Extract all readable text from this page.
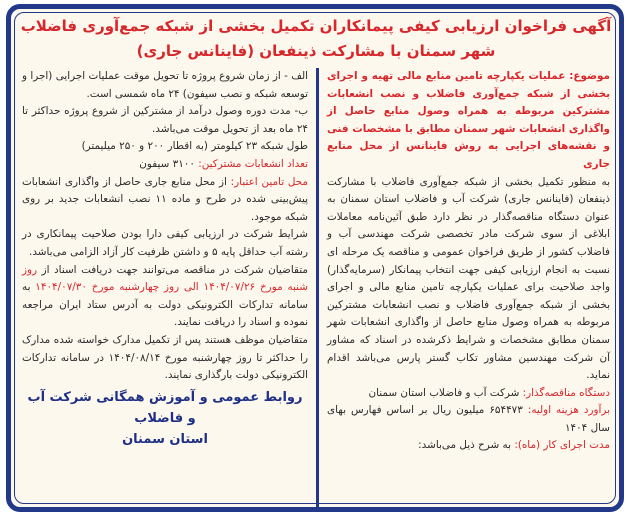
آگهی فراخوان ارزیابی کیفی پیمانکاران تکمیل بخشی از شبکه جمع‌آوری فاضلاب
شهر سمنان با مشارکت ذینفعان (فاینانس جاری)

موضوع: عملیات یکپارچه تامین منابع مالی تهیه و اجرای بخشی از شبکه جمع‌آوری فاضلاب و نصب انشعابات مشترکین مربوطه به همراه وصول منابع حاصل از واگذاری انشعابات شهر سمنان مطابق با مشخصات فنی و نقشه‌های اجرایی به روش فاینانس از محل منابع جاری

به منظور تکمیل بخشی از شبکه جمع‌آوری فاضلاب با مشارکت ذینفعان (فاینانس جاری) شرکت آب و فاضلاب استان سمنان به عنوان دستگاه مناقصه‌گذار در نظر دارد طبق آئین‌نامه معاملات ابلاغی از سوی شرکت مادر تخصصی شرکت مهندسی آب و فاضلاب کشور از طریق فراخوان عمومی و مناقصه یک مرحله ای نسبت به انجام ارزیابی کیفی جهت انتخاب پیمانکار (سرمایه‌گذار) واجد صلاحیت برای عملیات یکپارچه تامین منابع مالی و اجرای بخشی از شبکه جمع‌آوری فاضلاب و نصب انشعابات مشترکین مربوطه به همراه وصول منابع حاصل از واگذاری انشعابات شهر سمنان مطابق مشخصات و شرایط ذکرشده در اسناد که مشاور آن شرکت مهندسین مشاور تکاب گستر پارس می‌باشد اقدام نماید.

دستگاه مناقصه‌گذار: شرکت آب و فاضلاب استان سمنان

برآورد هزینه اولیه: ۶۵۴۴۷۳ میلیون ریال بر اساس فهارس بهای سال ۱۴۰۴

مدت اجرای کار (ماه): به شرح ذیل می‌باشد:

الف - از زمان شروع پروژه تا تحویل موقت عملیات اجرایی (اجرا و توسعه شبکه و نصب سیفون) ۲۴ ماه شمسی است.

ب- مدت دوره وصول درآمد از مشترکین از شروع پروژه حداکثر تا ۲۴ ماه بعد از تحویل موقت می‌باشد.

طول شبکه ۲۳ کیلومتر (به اقطار ۲۰۰ و ۲۵۰ میلیمتر)

تعداد انشعابات مشترکین: ۳۱۰۰ سیفون

محل تامین اعتبار: از محل منابع جاری حاصل از واگذاری انشعابات پیش‌بینی شده در طرح و ماده ۱۱ نصب انشعابات جدید بر روی شبکه موجود.

شرایط شرکت در ارزیابی کیفی دارا بودن صلاحیت پیمانکاری در رشته آب حداقل پایه ۵ و داشتن ظرفیت کار آزاد الزامی می‌باشد.

متقاضیان شرکت در مناقصه می‌توانند جهت دریافت اسناد از روز شنبه مورخ ۱۴۰۴/۰۷/۲۶ الی روز چهارشنبه مورخ ۱۴۰۴/۰۷/۳۰ به سامانه تدارکات الکترونیکی دولت به آدرس ستاد ایران مراجعه نموده و اسناد را دریافت نمایند.

متقاضیان موظف هستند پس از تکمیل مدارک خواسته شده مدارک را حداکثر تا روز چهارشنبه مورخ ۱۴۰۴/۰۸/۱۴ در سامانه تدارکات الکترونیکی دولت بارگذاری نمایند.

روابط عمومی و آموزش همگانی شرکت آب و فاضلاب
استان سمنان
